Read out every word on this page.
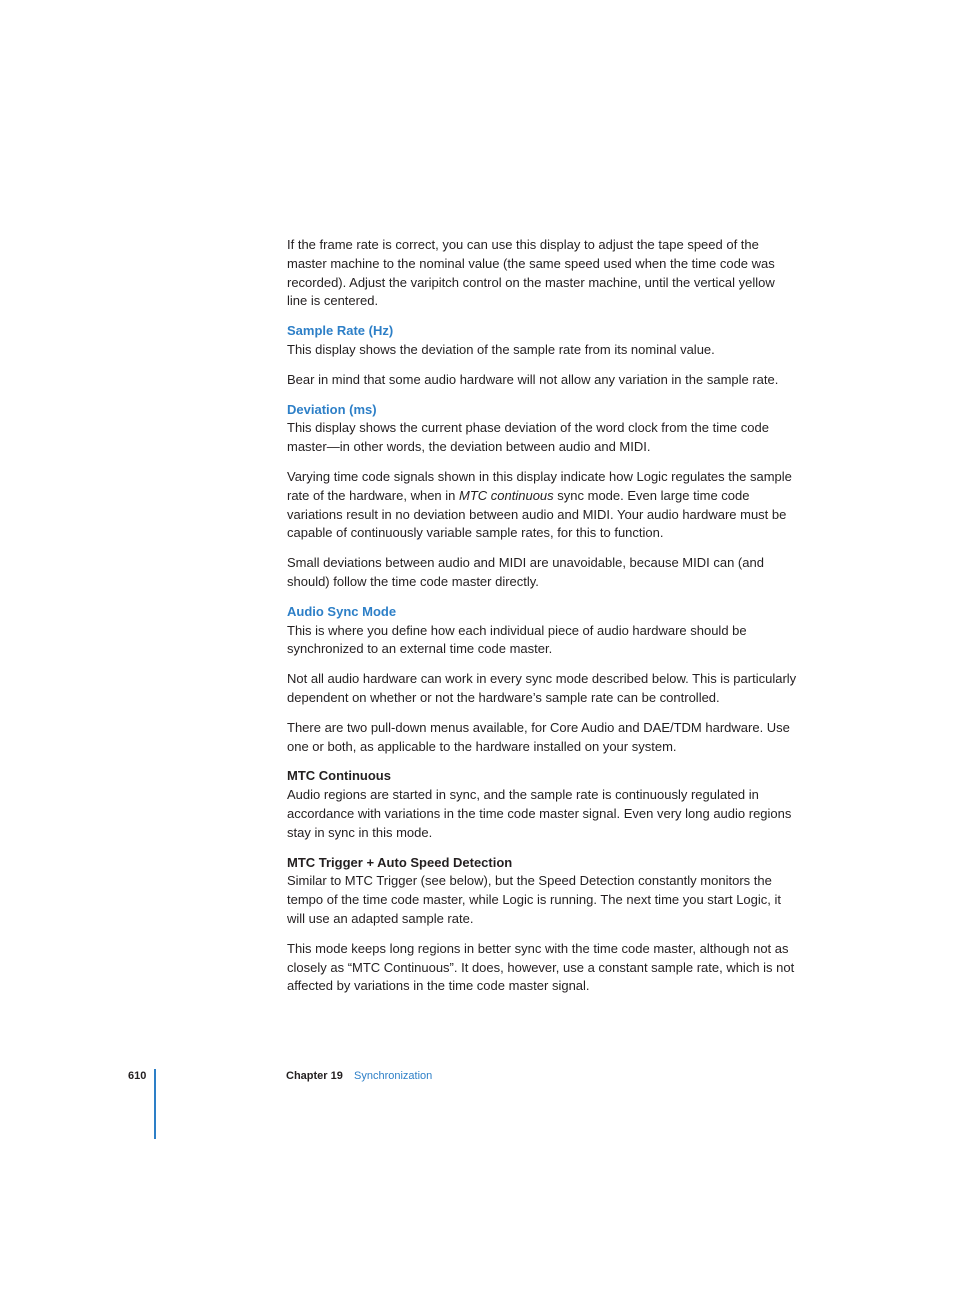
If the frame rate is correct, you can use this display to adjust the tape speed of the master machine to the nominal value (the same speed used when the time code was recorded). Adjust the varipitch control on the master machine, until the vertical yellow line is centered.

Sample Rate (Hz)

This display shows the deviation of the sample rate from its nominal value.

Bear in mind that some audio hardware will not allow any variation in the sample rate.

Deviation (ms)

This display shows the current phase deviation of the word clock from the time code master—in other words, the deviation between audio and MIDI.

Varying time code signals shown in this display indicate how Logic regulates the sample rate of the hardware, when in MTC continuous sync mode. Even large time code variations result in no deviation between audio and MIDI. Your audio hardware must be capable of continuously variable sample rates, for this to function.

Small deviations between audio and MIDI are unavoidable, because MIDI can (and should) follow the time code master directly.

Audio Sync Mode

This is where you define how each individual piece of audio hardware should be synchronized to an external time code master.

Not all audio hardware can work in every sync mode described below. This is particularly dependent on whether or not the hardware’s sample rate can be controlled.

There are two pull-down menus available, for Core Audio and DAE/TDM hardware. Use one or both, as applicable to the hardware installed on your system.

MTC Continuous

Audio regions are started in sync, and the sample rate is continuously regulated in accordance with variations in the time code master signal. Even very long audio regions stay in sync in this mode.

MTC Trigger + Auto Speed Detection

Similar to MTC Trigger (see below), but the Speed Detection constantly monitors the tempo of the time code master, while Logic is running. The next time you start Logic, it will use an adapted sample rate.

This mode keeps long regions in better sync with the time code master, although not as closely as “MTC Continuous”. It does, however, use a constant sample rate, which is not affected by variations in the time code master signal.

610	Chapter 19 Synchronization
